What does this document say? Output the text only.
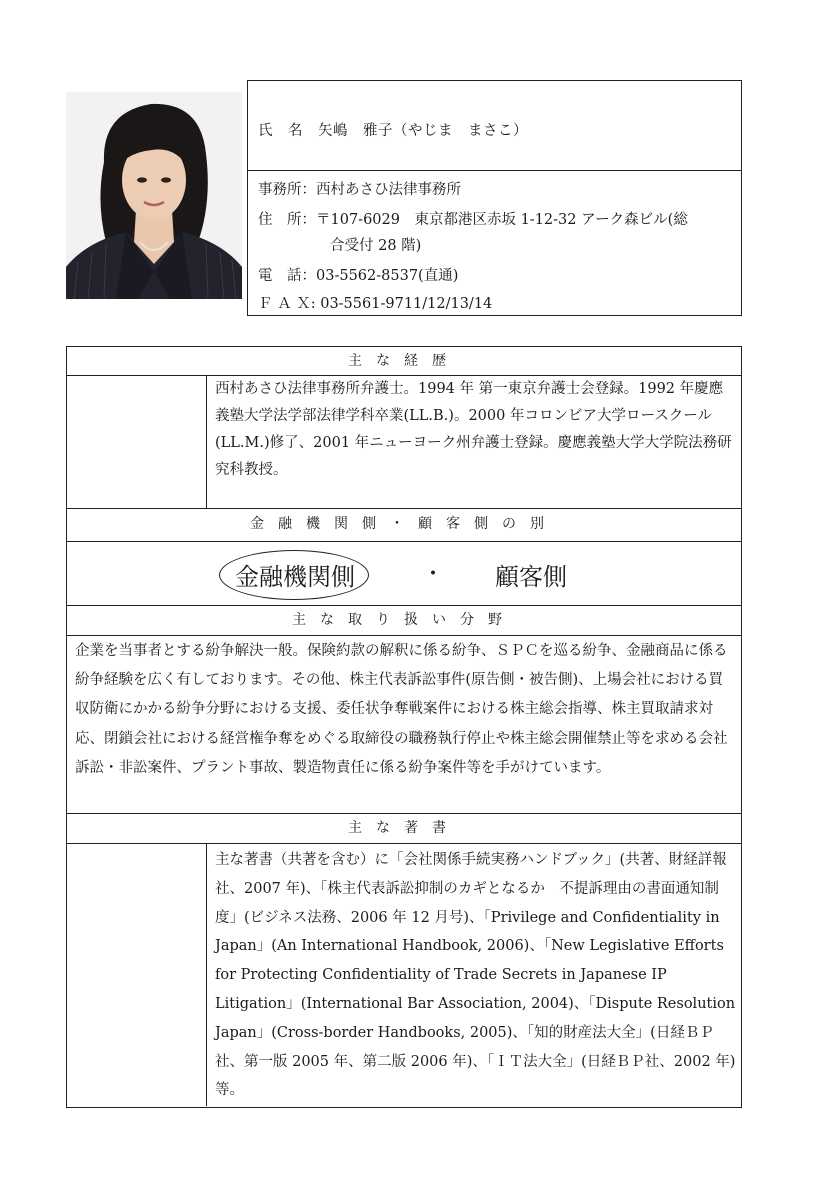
氏　名　矢嶋　雅子（やじま　まさこ）
事務所：西村あさひ法律事務所
住　所：〒107-6029　東京都港区赤坂 1-12-32 アーク森ビル(総
合受付 28 階)
電　話：03-5562-8537(直通)
Ｆ Ａ Ｘ: 03-5561-9711/12/13/14
主な経歴
西村あさひ法律事務所弁護士。1994 年 第一東京弁護士会登録。1992 年慶應義塾大学法学部法律学科卒業(LL.B.)。2000 年コロンビア大学ロースクール(LL.M.)修了、2001 年ニューヨーク州弁護士登録。慶應義塾大学大学院法務研究科教授。
金融機関側・顧客側の別
金融機関側	・ 顧客側
主な取り扱い分野
企業を当事者とする紛争解決一般。保険約款の解釈に係る紛争、ＳＰＣを巡る紛争、金融商品に係る紛争経験を広く有しております。その他、株主代表訴訟事件(原告側・被告側)、上場会社における買収防衛にかかる紛争分野における支援、委任状争奪戦案件における株主総会指導、株主買取請求対応、閉鎖会社における経営権争奪をめぐる取締役の職務執行停止や株主総会開催禁止等を求める会社訴訟・非訟案件、プラント事故、製造物責任に係る紛争案件等を手がけています。
主な著書
主な著書（共著を含む）に「会社関係手続実務ハンドブック」(共著、財経詳報社、2007 年)、「株主代表訴訟抑制のカギとなるか　不提訴理由の書面通知制度」(ビジネス法務、2006 年 12 月号)、「Privilege and Confidentiality in Japan」(An International Handbook, 2006)、「New Legislative Efforts for Protecting Confidentiality of Trade Secrets in Japanese IP Litigation」(International Bar Association, 2004)、「Dispute Resolution Japan」(Cross-border Handbooks, 2005)、「知的財産法大全」(日経ＢＰ社、第一版 2005 年、第二版 2006 年)、「ＩＴ法大全」(日経ＢＰ社、2002 年)等。
